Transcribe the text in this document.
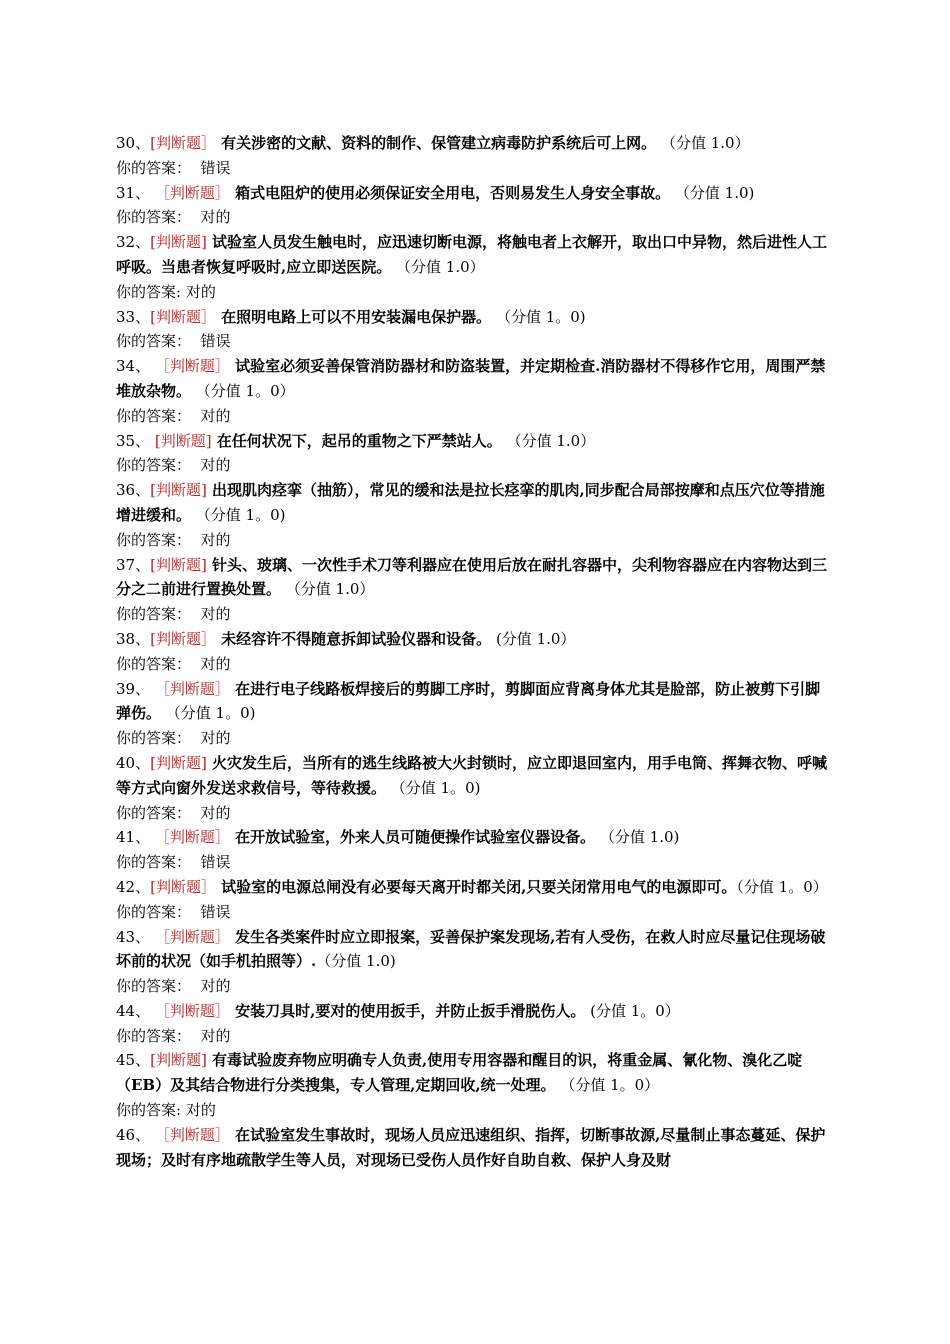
30、[判断题］ 有关涉密的文献、资料的制作、保管建立病毒防护系统后可上网。 （分值 1.0）

你的答案：  错误

31、 ［判断题］ 箱式电阻炉的使用必须保证安全用电，否则易发生人身安全事故。 （分值 1.0)

你的答案：  对的

32、[判断题] 试验室人员发生触电时，应迅速切断电源，将触电者上衣解开，取出口中异物，然后进性人工呼吸。当患者恢复呼吸时,应立即送医院。 （分值 1.0）

你的答案: 对的

33、[判断题］ 在照明电路上可以不用安装漏电保护器。 （分值 1。0)

你的答案：  错误

34、 ［判断题］ 试验室必须妥善保管消防器材和防盗装置，并定期检查.消防器材不得移作它用，周围严禁堆放杂物。 （分值 1。0）

你的答案：  对的

35、 [判断题] 在任何状况下，起吊的重物之下严禁站人。 （分值 1.0）

你的答案：  对的

36、[判断题] 出现肌肉痉挛（抽筋），常见的缓和法是拉长痉挛的肌肉,同步配合局部按摩和点压穴位等措施增进缓和。 （分值 1。0)

你的答案：  对的

37、[判断题] 针头、玻璃、一次性手术刀等利器应在使用后放在耐扎容器中，尖利物容器应在内容物达到三分之二前进行置换处置。 （分值 1.0）

你的答案：  对的

38、[判断题］ 未经容许不得随意拆卸试验仪器和设备。 (分值 1.0）

你的答案：  对的

39、 ［判断题］ 在进行电子线路板焊接后的剪脚工序时，剪脚面应背离身体尤其是脸部，防止被剪下引脚弹伤。 （分值 1。0)

你的答案：  对的

40、[判断题] 火灾发生后，当所有的逃生线路被大火封锁时，应立即退回室内，用手电筒、挥舞衣物、呼喊等方式向窗外发送求救信号，等待救援。 （分值 1。0)

你的答案：  对的

41、 ［判断题］ 在开放试验室，外来人员可随便操作试验室仪器设备。 （分值 1.0)

你的答案：  错误

42、[判断题］ 试验室的电源总闸没有必要每天离开时都关闭,只要关闭常用电气的电源即可。（分值 1。0）

你的答案：  错误

43、 ［判断题］ 发生各类案件时应立即报案，妥善保护案发现场,若有人受伤，在救人时应尽量记住现场破坏前的状况（如手机拍照等）.（分值 1.0)

你的答案：  对的

44、 ［判断题］ 安装刀具时,要对的使用扳手，并防止扳手滑脱伤人。 (分值 1。0）

你的答案：  对的

45、[判断题] 有毒试验废弃物应明确专人负责,使用专用容器和醒目的识，将重金属、氰化物、溴化乙啶（EB）及其结合物进行分类搜集，专人管理,定期回收,统一处理。 （分值 1。0）

你的答案: 对的

46、 ［判断题］ 在试验室发生事故时，现场人员应迅速组织、指挥，切断事故源,尽量制止事态蔓延、保护现场；及时有序地疏散学生等人员，对现场已受伤人员作好自助自救、保护人身及财
